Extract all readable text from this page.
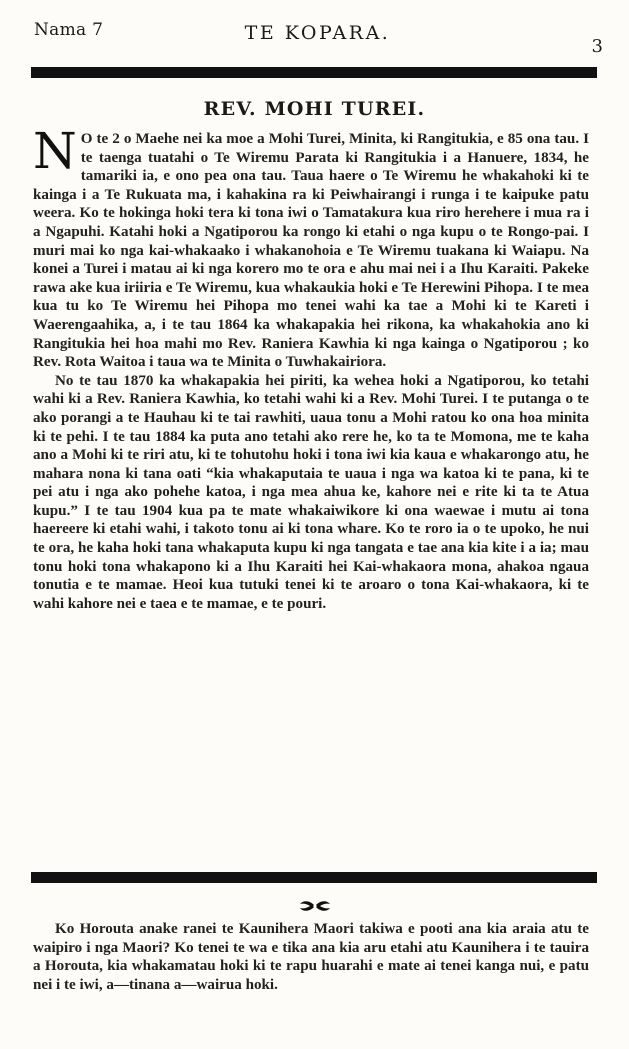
Nama 7	TE KOPARA.
3
REV. MOHI TUREI.

N O te 2 o Maehe nei ka moe a Mohi Turei, Minita, ki Rangitukia, e 85 ona tau. I te taenga tuatahi o Te Wiremu Parata ki Rangitukia i a Hanuere, 1834, he tamariki ia, e ono pea ona tau. Taua haere o Te Wiremu he whakahoki ki te kainga i a Te Rukuata ma, i kahakina ra ki Peiwhairangi i runga i te kaipuke patu weera. Ko te hokinga hoki tera ki tona iwi o Tamatakura kua riro herehere i mua ra i a Ngapuhi. Katahi hoki a Ngatiporou ka rongo ki etahi o nga kupu o te Rongo-pai. I muri mai ko nga kai-whakaako i whakanohoia e Te Wiremu tuakana ki Waiapu. Na konei a Turei i matau ai ki nga korero mo te ora e ahu mai nei i a Ihu Karaiti. Pakeke rawa ake kua iriiria e Te Wiremu, kua whakaukia hoki e Te Herewini Pihopa. I te mea kua tu ko Te Wiremu hei Pihopa mo tenei wahi ka tae a Mohi ki te Kareti i Waerengaahika, a, i te tau 1864 ka whakapakia hei rikona, ka whakahokia ano ki Rangitukia hei hoa mahi mo Rev. Raniera Kawhia ki nga kainga o Ngatiporou ; ko Rev. Rota Waitoa i taua wa te Minita o Tuwhakairiora.

No te tau 1870 ka whakapakia hei piriti, ka wehea hoki a Ngatiporou, ko tetahi wahi ki a Rev. Raniera Kawhia, ko tetahi wahi ki a Rev. Mohi Turei. I te putanga o te ako porangi a te Hauhau ki te tai rawhiti, uaua tonu a Mohi ratou ko ona hoa minita ki te pehi. I te tau 1884 ka puta ano tetahi ako rere he, ko ta te Momona, me te kaha ano a Mohi ki te riri atu, ki te tohutohu hoki i tona iwi kia kaua e whakarongo atu, he mahara nona ki tana oati “kia whakaputaia te uaua i nga wa katoa ki te pana, ki te pei atu i nga ako pohehe katoa, i nga mea ahua ke, kahore nei e rite ki ta te Atua kupu.” I te tau 1904 kua pa te mate whakaiwikore ki ona waewae i mutu ai tona haereere ki etahi wahi, i takoto tonu ai ki tona whare. Ko te roro ia o te upoko, he nui te ora, he kaha hoki tana whakaputa kupu ki nga tangata e tae ana kia kite i a ia; mau tonu hoki tona whakapono ki a Ihu Karaiti hei Kai-whakaora mona, ahakoa ngaua tonutia e te mamae. Heoi kua tutuki tenei ki te aroaro o tona Kai-whakaora, ki te wahi kahore nei e taea e te mamae, e te pouri.

Ko Horouta anake ranei te Kaunihera Maori takiwa e pooti ana kia araia atu te waipiro i nga Maori? Ko tenei te wa e tika ana kia aru etahi atu Kaunihera i te tauira a Horouta, kia whakamatau hoki ki te rapu huarahi e mate ai tenei kanga nui, e patu nei i te iwi, a—tinana a—wairua hoki.
